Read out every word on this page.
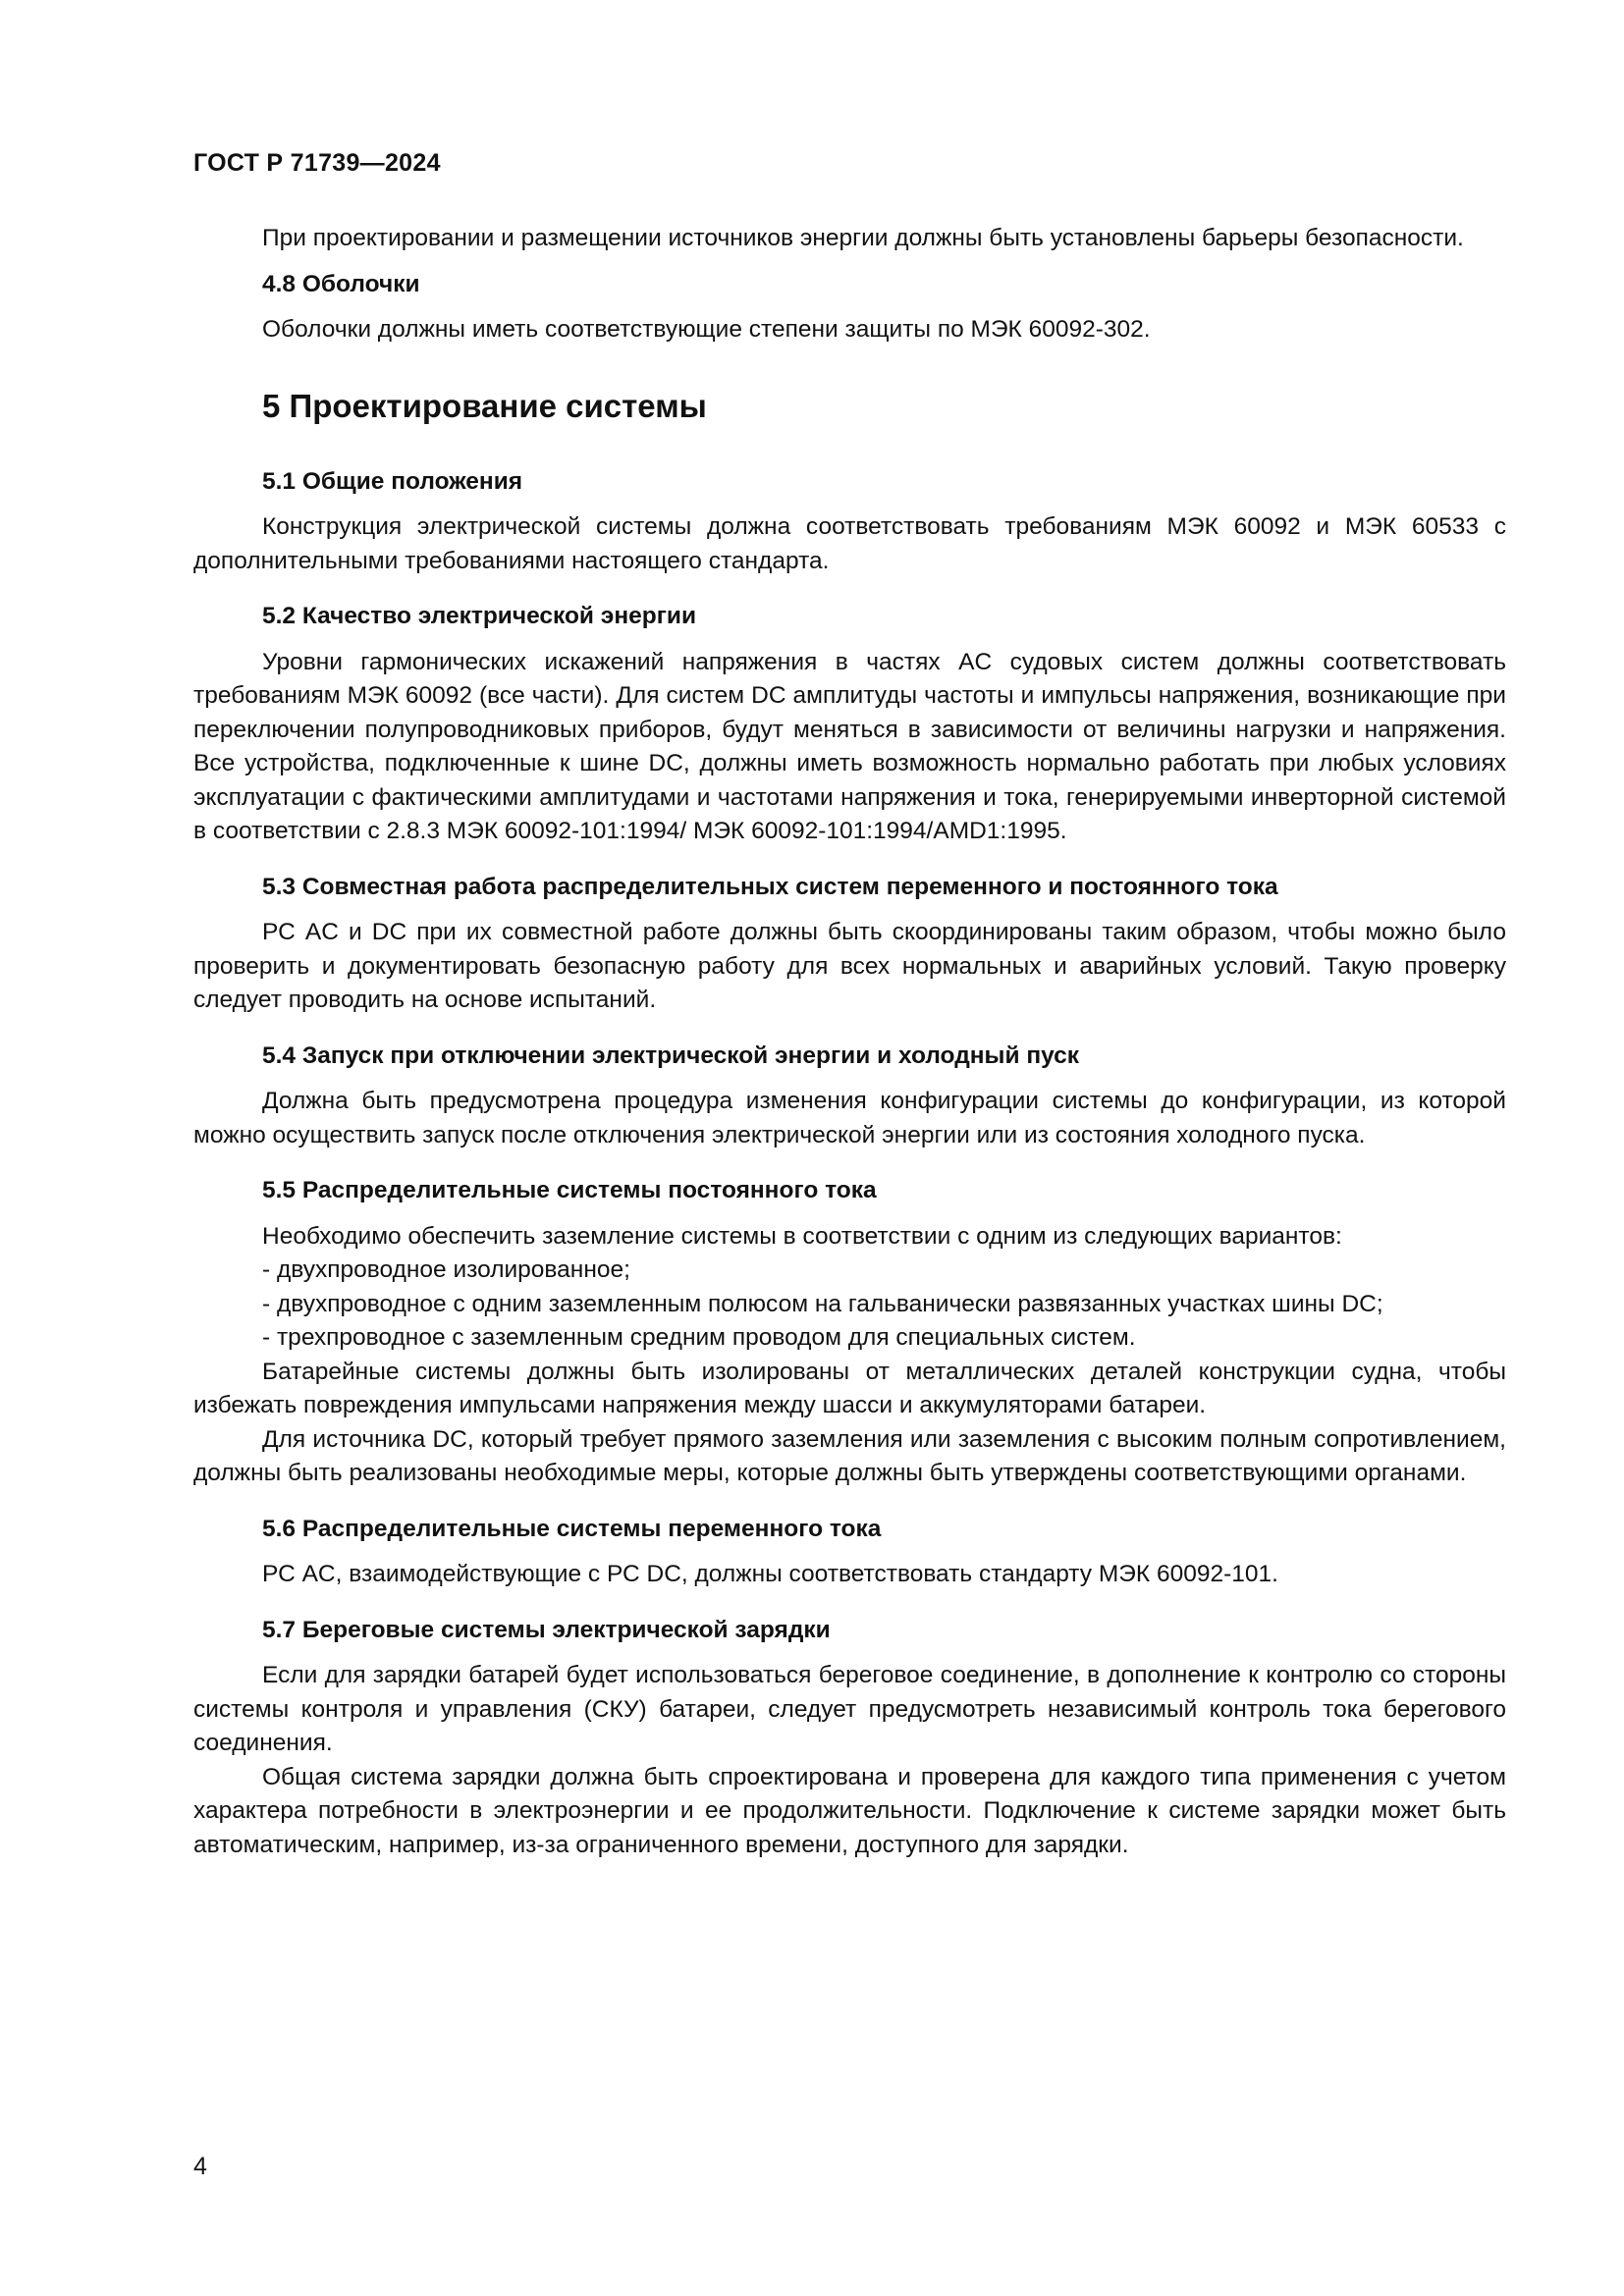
ГОСТ Р 71739—2024

При проектировании и размещении источников энергии должны быть установлены барьеры безопасности.

4.8 Оболочки

Оболочки должны иметь соответствующие степени защиты по МЭК 60092-302.

5 Проектирование системы
5.1 Общие положения

Конструкция электрической системы должна соответствовать требованиям МЭК 60092 и МЭК 60533 с дополнительными требованиями настоящего стандарта.

5.2 Качество электрической энергии

Уровни гармонических искажений напряжения в частях AC судовых систем должны соответствовать требованиям МЭК 60092 (все части). Для систем DC амплитуды частоты и импульсы напряжения, возникающие при переключении полупроводниковых приборов, будут меняться в зависимости от величины нагрузки и напряжения. Все устройства, подключенные к шине DC, должны иметь возможность нормально работать при любых условиях эксплуатации с фактическими амплитудами и частотами напряжения и тока, генерируемыми инверторной системой в соответствии с 2.8.3 МЭК 60092-101:1994/ МЭК 60092-101:1994/AMD1:1995.

5.3 Совместная работа распределительных систем переменного и постоянного тока

РС AC и DC при их совместной работе должны быть скоординированы таким образом, чтобы можно было проверить и документировать безопасную работу для всех нормальных и аварийных условий. Такую проверку следует проводить на основе испытаний.

5.4 Запуск при отключении электрической энергии и холодный пуск

Должна быть предусмотрена процедура изменения конфигурации системы до конфигурации, из которой можно осуществить запуск после отключения электрической энергии или из состояния холодного пуска.

5.5 Распределительные системы постоянного тока

Необходимо обеспечить заземление системы в соответствии с одним из следующих вариантов:

- двухпроводное изолированное;
- двухпроводное с одним заземленным полюсом на гальванически развязанных участках шины DC;
- трехпроводное с заземленным средним проводом для специальных систем.

Батарейные системы должны быть изолированы от металлических деталей конструкции судна, чтобы избежать повреждения импульсами напряжения между шасси и аккумуляторами батареи.

Для источника DC, который требует прямого заземления или заземления с высоким полным сопротивлением, должны быть реализованы необходимые меры, которые должны быть утверждены соответствующими органами.

5.6 Распределительные системы переменного тока

РС AC, взаимодействующие с РС DC, должны соответствовать стандарту МЭК 60092-101.

5.7 Береговые системы электрической зарядки

Если для зарядки батарей будет использоваться береговое соединение, в дополнение к контролю со стороны системы контроля и управления (СКУ) батареи, следует предусмотреть независимый контроль тока берегового соединения.

Общая система зарядки должна быть спроектирована и проверена для каждого типа применения с учетом характера потребности в электроэнергии и ее продолжительности. Подключение к системе зарядки может быть автоматическим, например, из-за ограниченного времени, доступного для зарядки.

4
